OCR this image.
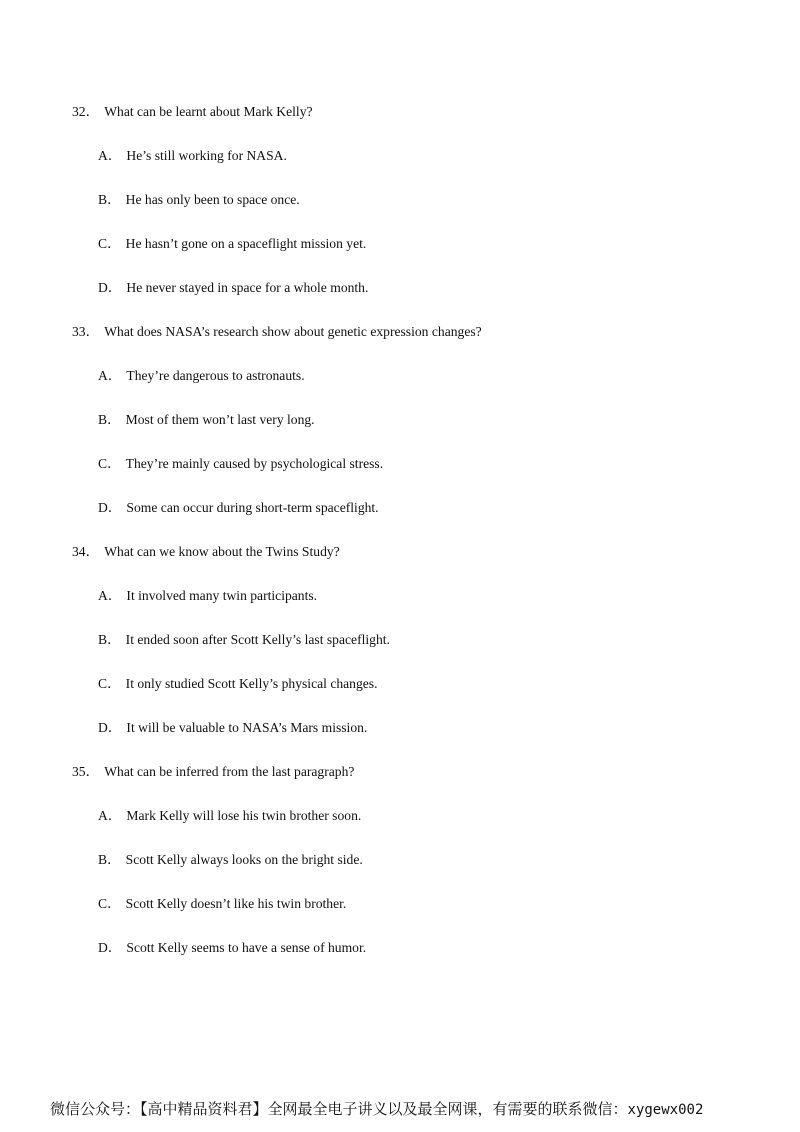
32． What can be learnt about Mark Kelly?
A． He’s still working for NASA.
B． He has only been to space once.
C． He hasn’t gone on a spaceflight mission yet.
D． He never stayed in space for a whole month.
33． What does NASA’s research show about genetic expression changes?
A． They’re dangerous to astronauts.
B． Most of them won’t last very long.
C． They’re mainly caused by psychological stress.
D． Some can occur during short-term spaceflight.
34． What can we know about the Twins Study?
A． It involved many twin participants.
B． It ended soon after Scott Kelly’s last spaceflight.
C． It only studied Scott Kelly’s physical changes.
D． It will be valuable to NASA’s Mars mission.
35． What can be inferred from the last paragraph?
A． Mark Kelly will lose his twin brother soon.
B． Scott Kelly always looks on the bright side.
C． Scott Kelly doesn’t like his twin brother.
D． Scott Kelly seems to have a sense of humor.
微信公众号：【高中精品资料君】全网最全电子讲义以及最全网课，有需要的联系微信：xygewx002
